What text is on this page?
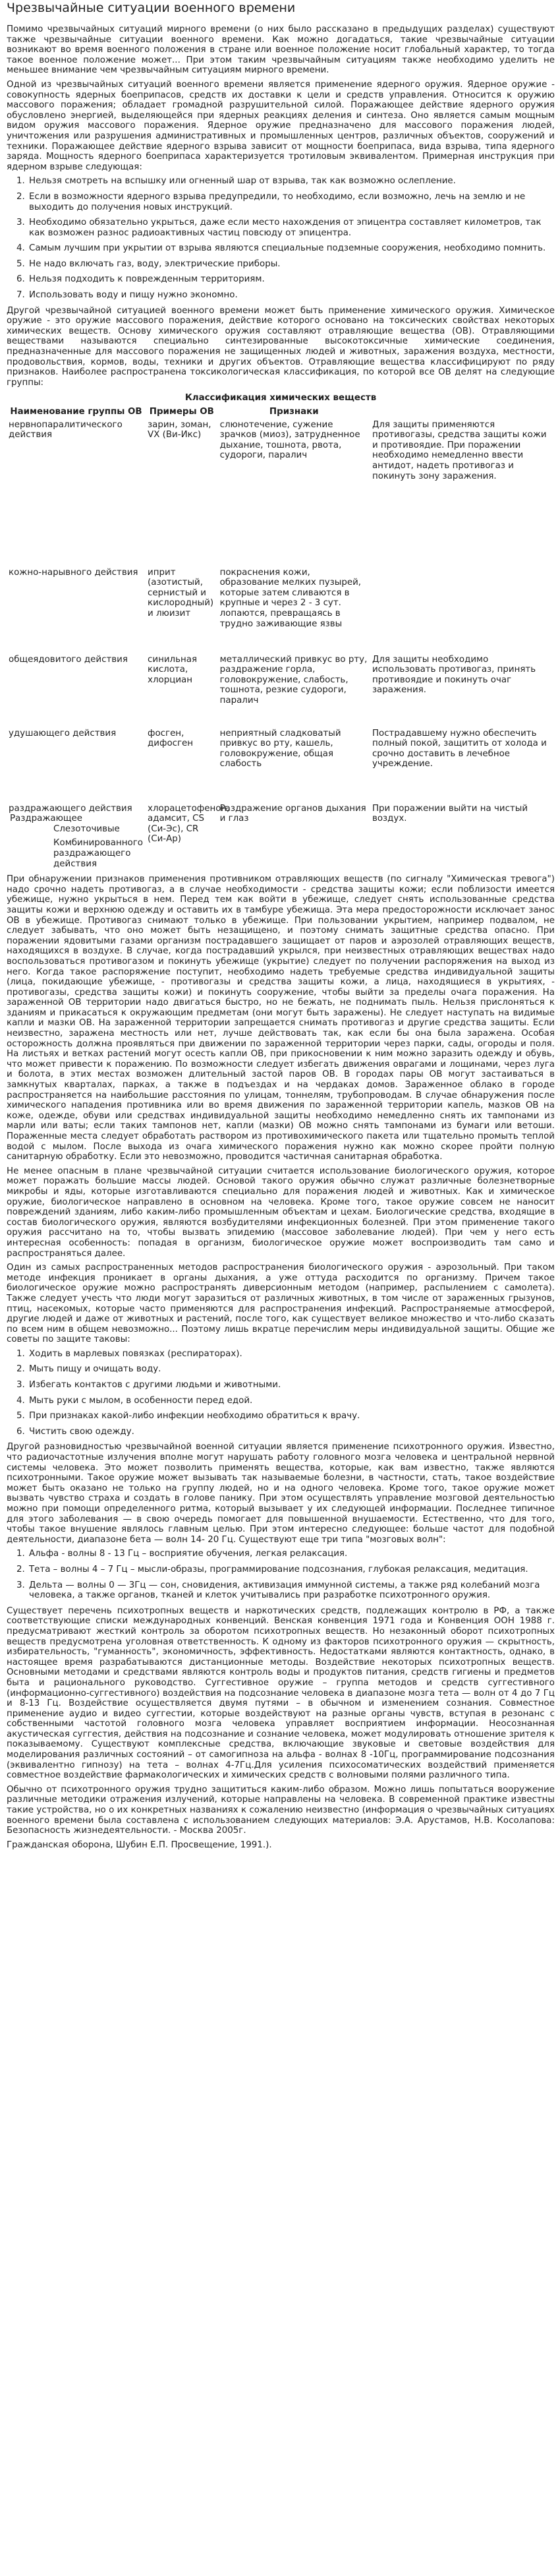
Чрезвычайные ситуации военного времени

Помимо чрезвычайных ситуаций мирного времени (о них было рассказано в предыдущих разделах) существуют также чрезвычайные ситуации военного времени. Как можно догадаться, такие чрезвычайные ситуации возникают во время военного положения в стране или военное положение носит глобальный характер, то тогда такое военное положение может... При этом таким чрезвычайным ситуациям также необходимо уделить не меньшее внимание чем чрезвычайным ситуациям мирного времени.

Одной из чрезвычайных ситуаций военного времени является применение ядерного оружия. Ядерное оружие - совокупность ядерных боеприпасов, средств их доставки к цели и средств управления. Относится к оружию массового поражения; обладает громадной разрушительной силой. Поражающее действие ядерного оружия обусловлено энергией, выделяющейся при ядерных реакциях деления и синтеза. Оно является самым мощным видом оружия массового поражения. Ядерное оружие предназначено для массового поражения людей, уничтожения или разрушения административных и промышленных центров, различных объектов, сооружений и техники. Поражающее действие ядерного взрыва зависит от мощности боеприпаса, вида взрыва, типа ядерного заряда. Мощность ядерного боеприпаса характеризуется тротиловым эквивалентом. Примерная инструкция при ядерном взрыве следующая:

1. Нельзя смотреть на вспышку или огненный шар от взрыва, так как возможно ослепление.
2. Если в возможности ядерного взрыва предупредили, то необходимо, если возможно, лечь на землю и не выходить до получения новых инструкций.
3. Необходимо обязательно укрыться, даже если место нахождения от эпицентра составляет километров, так как возможен разнос радиоактивных частиц повсюду от эпицентра.
4. Самым лучшим при укрытии от взрыва являются специальные подземные сооружения, необходимо помнить.
5. Не надо включать газ, воду, электрические приборы.
6. Нельзя подходить к поврежденным территориям.
7. Использовать воду и пищу нужно экономно.

Другой чрезвычайной ситуацией военного времени может быть применение химического оружия. Химическое оружие - это оружие массового поражения, действие которого основано на токсических свойствах некоторых химических веществ. Основу химического оружия составляют отравляющие вещества (ОВ). Отравляющими веществами называются специально синтезированные высокотоксичные химические соединения, предназначенные для массового поражения не защищенных людей и животных, заражения воздуха, местности, продовольствия, кормов, воды, техники и других объектов. Отравляющие вещества классифицируют по ряду признаков. Наиболее распространена токсикологическая классификация, по которой все ОВ делят на следующие группы:

Классификация химических веществ
Наименование группы ОВ	Примеры ОВ	Признаки	
нервнопаралитического действия	зарин, зоман, VX (Ви-Икс)	слюнотечение, сужение зрачков (миоз), затрудненное дыхание, тошнота, рвота, судороги, паралич	Для защиты применяются противогазы, средства защиты кожи и противоядие. При поражении необходимо немедленно ввести антидот, надеть противогаз и покинуть зону заражения.
кожно-нарывного действия	иприт (азотистый, сернистый и кислородный) и люизит	покраснения кожи, образование мелких пузырей, которые затем сливаются в крупные и через 2 - 3 сут. лопаются, превращаясь в трудно заживающие язвы	
общеядовитого действия	синильная кислота, хлорциан	металлический привкус во рту, раздражение горла, головокружение, слабость, тошнота, резкие судороги, паралич	Для защиты необходимо использовать противогаз, принять противоядие и покинуть очаг заражения.
удушающего действия	фосген, дифосген	неприятный сладковатый привкус во рту, кашель, головокружение, общая слабость	Пострадавшему нужно обеспечить полный покой, защитить от холода и срочно доставить в лечебное учреждение.
раздражающего действия Раздражающее
Слезоточивые
Комбинированного раздражающего действия	хлорацетофенон, адамсит, CS (Си-Эс), CR (Си-Ар)	Раздражение органов дыхания и глаз	При поражении выйти на чистый воздух.

При обнаружении признаков применения противником отравляющих веществ (по сигналу "Химическая тревога") надо срочно надеть противогаз, а в случае необходимости - средства защиты кожи; если поблизости имеется убежище, нужно укрыться в нем. Перед тем как войти в убежище, следует снять использованные средства защиты кожи и верхнюю одежду и оставить их в тамбуре убежища. Эта мера предосторожности исключает занос ОВ в убежище. Противогаз снимают только в убежище. При пользовании укрытием, например подвалом, не следует забывать, что оно может быть незащищено, и поэтому снимать защитные средства опасно. При поражении ядовитыми газами организм пострадавшего защищает от паров и аэрозолей отравляющих веществ, находящихся в воздухе. В случае, когда пострадавший укрылся, при неизвестных отравляющих веществах надо воспользоваться противогазом и покинуть убежище (укрытие) следует по получении распоряжения на выход из него. Когда такое распоряжение поступит, необходимо надеть требуемые средства индивидуальной защиты (лица, покидающие убежище, - противогазы и средства защиты кожи, а лица, находящиеся в укрытиях, - противогазы, средства защиты кожи) и покинуть сооружение, чтобы выйти за пределы очага поражения. На зараженной ОВ территории надо двигаться быстро, но не бежать, не поднимать пыль. Нельзя прислоняться к зданиям и прикасаться к окружающим предметам (они могут быть заражены). Не следует наступать на видимые капли и мазки ОВ. На зараженной территории запрещается снимать противогаз и другие средства защиты. Если неизвестно, заражена местность или нет, лучше действовать так, как если бы она была заражена. Особая осторожность должна проявляться при движении по зараженной территории через парки, сады, огороды и поля. На листьях и ветках растений могут осесть капли ОВ, при прикосновении к ним можно заразить одежду и обувь, что может привести к поражению. По возможности следует избегать движения оврагами и лощинами, через луга и болота, в этих местах возможен длительный застой паров ОВ. В городах пары ОВ могут застаиваться в замкнутых кварталах, парках, а также в подъездах и на чердаках домов. Зараженное облако в городе распространяется на наибольшие расстояния по улицам, тоннелям, трубопроводам. В случае обнаружения после химического нападения противника или во время движения по зараженной территории капель, мазков ОВ на коже, одежде, обуви или средствах индивидуальной защиты необходимо немедленно снять их тампонами из марли или ваты; если таких тампонов нет, капли (мазки) ОВ можно снять тампонами из бумаги или ветоши. Пораженные места следует обработать раствором из противохимического пакета или тщательно промыть теплой водой с мылом. После выхода из очага химического поражения нужно как можно скорее пройти полную санитарную обработку. Если это невозможно, проводится частичная санитарная обработка.

Не менее опасным в плане чрезвычайной ситуации считается использование биологического оружия, которое может поражать большие массы людей. Основой такого оружия обычно служат различные болезнетворные микробы и яды, которые изготавливаются специально для поражения людей и животных. Как и химическое оружие, биологическое направлено в основном на человека. Кроме того, такое оружие совсем не наносит повреждений зданиям, либо каким-либо промышленным объектам и цехам. Биологические средства, входящие в состав биологического оружия, являются возбудителями инфекционных болезней. При этом применение такого оружия рассчитано на то, чтобы вызвать эпидемию (массовое заболевание людей). При чем у него есть интересная особенность: попадая в организм, биологическое оружие может воспроизводить там само и распространяться далее.

Один из самых распространенных методов распространения биологического оружия - аэрозольный. При таком методе инфекция проникает в органы дыхания, а уже оттуда расходится по организму. Причем такое биологическое оружие можно распространять диверсионным методом (например, распылением с самолета). Также следует учесть что люди могут заразиться от различных животных, в том числе от зараженных грызунов, птиц, насекомых, которые часто применяются для распространения инфекций. Распространяемые атмосферой, другие людей и даже от животных и растений, после того, как существует великое множество и что-либо сказать по всем ним в общем невозможно... Поэтому лишь вкратце перечислим меры индивидуальной защиты. Общие же советы по защите таковы:

1. Ходить в марлевых повязках (респираторах).
2. Мыть пищу и очищать воду.
3. Избегать контактов с другими людьми и животными.
4. Мыть руки с мылом, в особенности перед едой.
5. При признаках какой-либо инфекции необходимо обратиться к врачу.
6. Чистить свою одежду.

Другой разновидностью чрезвычайной военной ситуации является применение психотронного оружия. Известно, что радиочастотные излучения вполне могут нарушать работу головного мозга человека и центральной нервной системы человека. Это может позволить применять вещества, которые, как вам известно, также являются психотронными. Такое оружие может вызывать так называемые болезни, в частности, стать, такое воздействие может быть оказано не только на группу людей, но и на одного человека. Кроме того, такое оружие может вызвать чувство страха и создать в голове панику. При этом осуществлять управление мозговой деятельностью можно при помощи определенного ритма, который вызывает у их следующей информации. Последнее типичное для этого заболевания — в свою очередь помогает для повышенной внушаемости. Естественно, что для того, чтобы такое внушение являлось главным целью. При этом интересно следующее: больше частот для подобной деятельности, диапазоне бета — волн 14- 20 Гц. Существуют еще три типа "мозговых волн":

1. Альфа - волны 8 - 13 Гц – восприятие обучения, легкая релаксация.
2. Тета – волны 4 – 7 Гц – мысли-образы, программирование подсознания, глубокая релаксация, медитация.
3. Дельта — волны 0 — 3Гц — сон, сновидения, активизация иммунной системы, а также ряд колебаний мозга человека, а также органов, тканей и клеток учитывались при разработке психотронного оружия.

Существует перечень психотропных веществ и наркотических средств, подлежащих контролю в РФ, а также соответствующие списки международных конвенций. Венская конвенция 1971 года и Конвенция ООН 1988 г. предусматривают жесткий контроль за оборотом психотропных веществ. Но незаконный оборот психотропных веществ предусмотрена уголовная ответственность. К одному из факторов психотронного оружия — скрытность, избирательность, "гуманность", экономичность, эффективность. Недостатками являются контактность, однако, в настоящее время разрабатываются дистанционные методы. Воздействие некоторых психотропных веществ. Основными методами и средствами являются контроль воды и продуктов питания, средств гигиены и предметов быта и рационального руководство. Суггестивное оружие – группа методов и средств суггестивного (информационно-суггестивного) воздействия на подсознание человека в диапазоне мозга тета — волн от 4 до 7 Гц и 8-13 Гц. Воздействие осуществляется двумя путями – в обычном и изменением сознания. Совместное применение аудио и видео суггестии, которые воздействуют на разные органы чувств, вступая в резонанс с собственными частотой головного мозга человека управляет восприятием информации. Неосознанная акустическая суггестия, действия на подсознание и сознание человека, может модулировать отношение зрителя к показываемому. Существуют комплексные средства, включающие звуковые и световые воздействия для моделирования различных состояний – от самогипноза на альфа - волнах 8 -10Гц, программирование подсознания (эквивалентно гипнозу) на тета – волнах 4-7Гц.Для усиления психосоматических воздействий применяется совместное воздействие фармакологических и химических средств с волновыми полями различного типа.

Обычно от психотронного оружия трудно защититься каким-либо образом. Можно лишь попытаться вооружение различные методики отражения излучений, которые направлены на человека. В современной практике известны такие устройства, но о их конкретных названиях к сожалению неизвестно (информация о чрезвычайных ситуациях военного времени была составлена с использованием следующих материалов: Э.А. Арустамов, Н.В. Косолапова: Безопасность жизнедеятельности. - Москва 2005г.

Гражданская оборона, Шубин Е.П. Просвещение, 1991.).
